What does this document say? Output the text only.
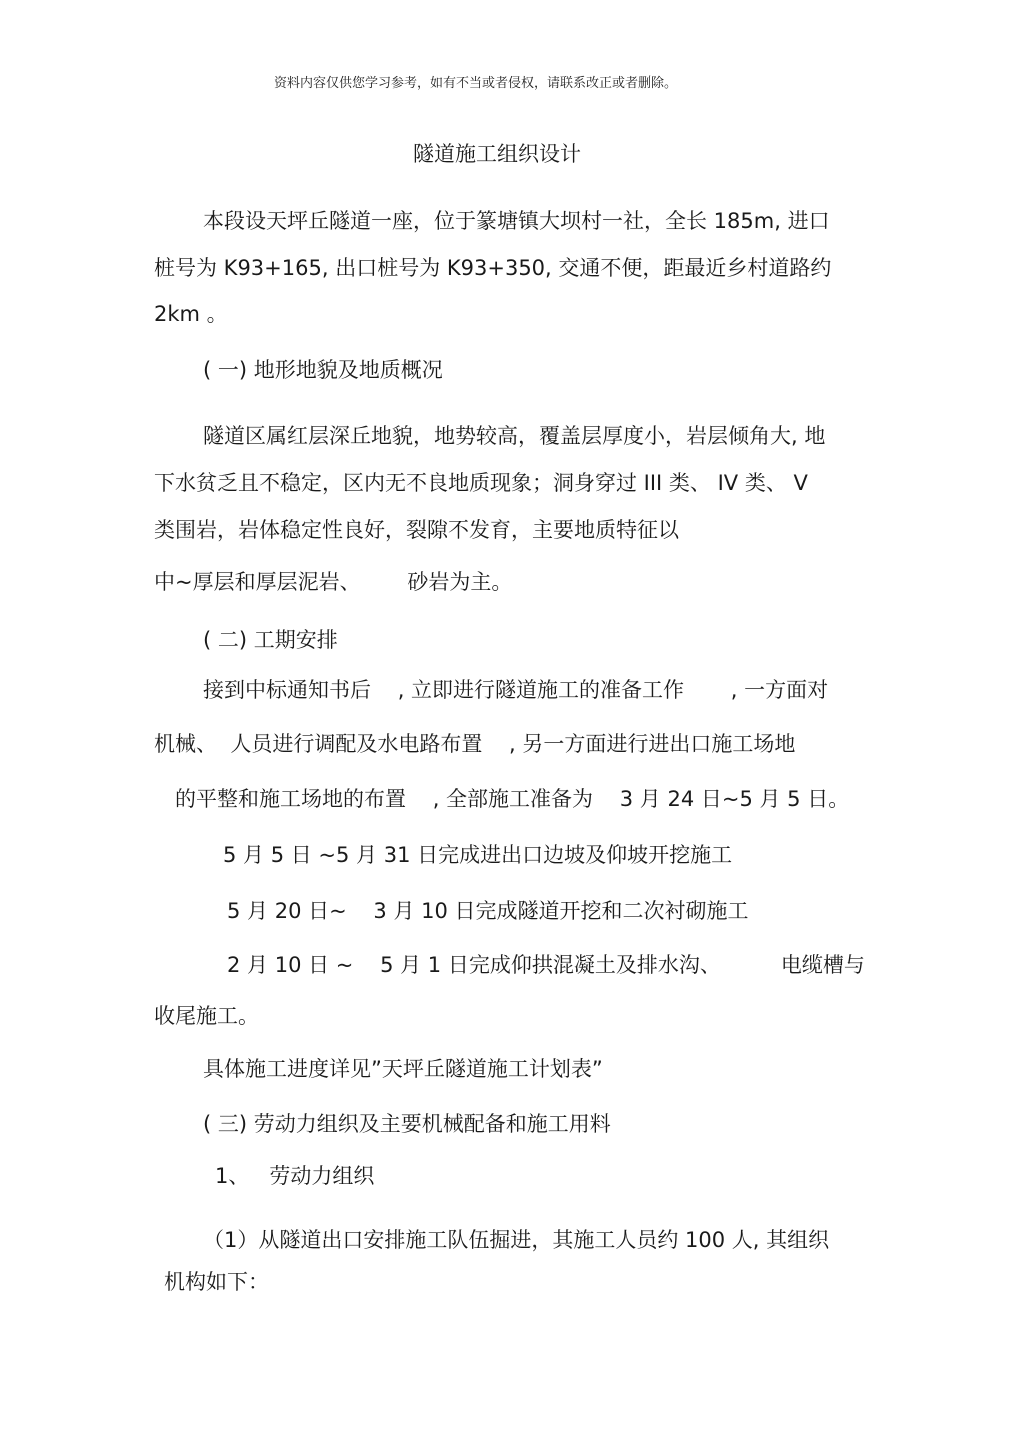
资料内容仅供您学习参考，如有不当或者侵权，请联系改正或者删除。
隧道施工组织设计
本段设天坪丘隧道一座，位于篆塘镇大坝村一社，全长 185m, 进口
桩号为 K93+165, 出口桩号为 K93+350, 交通不便，距最近乡村道路约
2km 。
( 一) 地形地貌及地质概况
隧道区属红层深丘地貌，地势较高，覆盖层厚度小，岩层倾角大, 地
下水贫乏且不稳定，区内无不良地质现象；洞身穿过 III 类、 IV 类、 V
类围岩，岩体稳定性良好，裂隙不发育，主要地质特征以
中~厚层和厚层泥岩、       砂岩为主。
( 二) 工期安排
接到中标通知书后    , 立即进行隧道施工的准备工作       , 一方面对
机械、  人员进行调配及水电路布置    , 另一方面进行进出口施工场地
的平整和施工场地的布置    , 全部施工准备为    3 月 24 日~5 月 5 日。
5 月 5 日 ~5 月 31 日完成进出口边坡及仰坡开挖施工
5 月 20 日~    3 月 10 日完成隧道开挖和二次衬砌施工
2 月 10 日 ~    5 月 1 日完成仰拱混凝土及排水沟、         电缆槽与
收尾施工。
具体施工进度详见”天坪丘隧道施工计划表”
( 三) 劳动力组织及主要机械配备和施工用料
1、   劳动力组织
（1）从隧道出口安排施工队伍掘进，其施工人员约 100 人, 其组织
机构如下：
